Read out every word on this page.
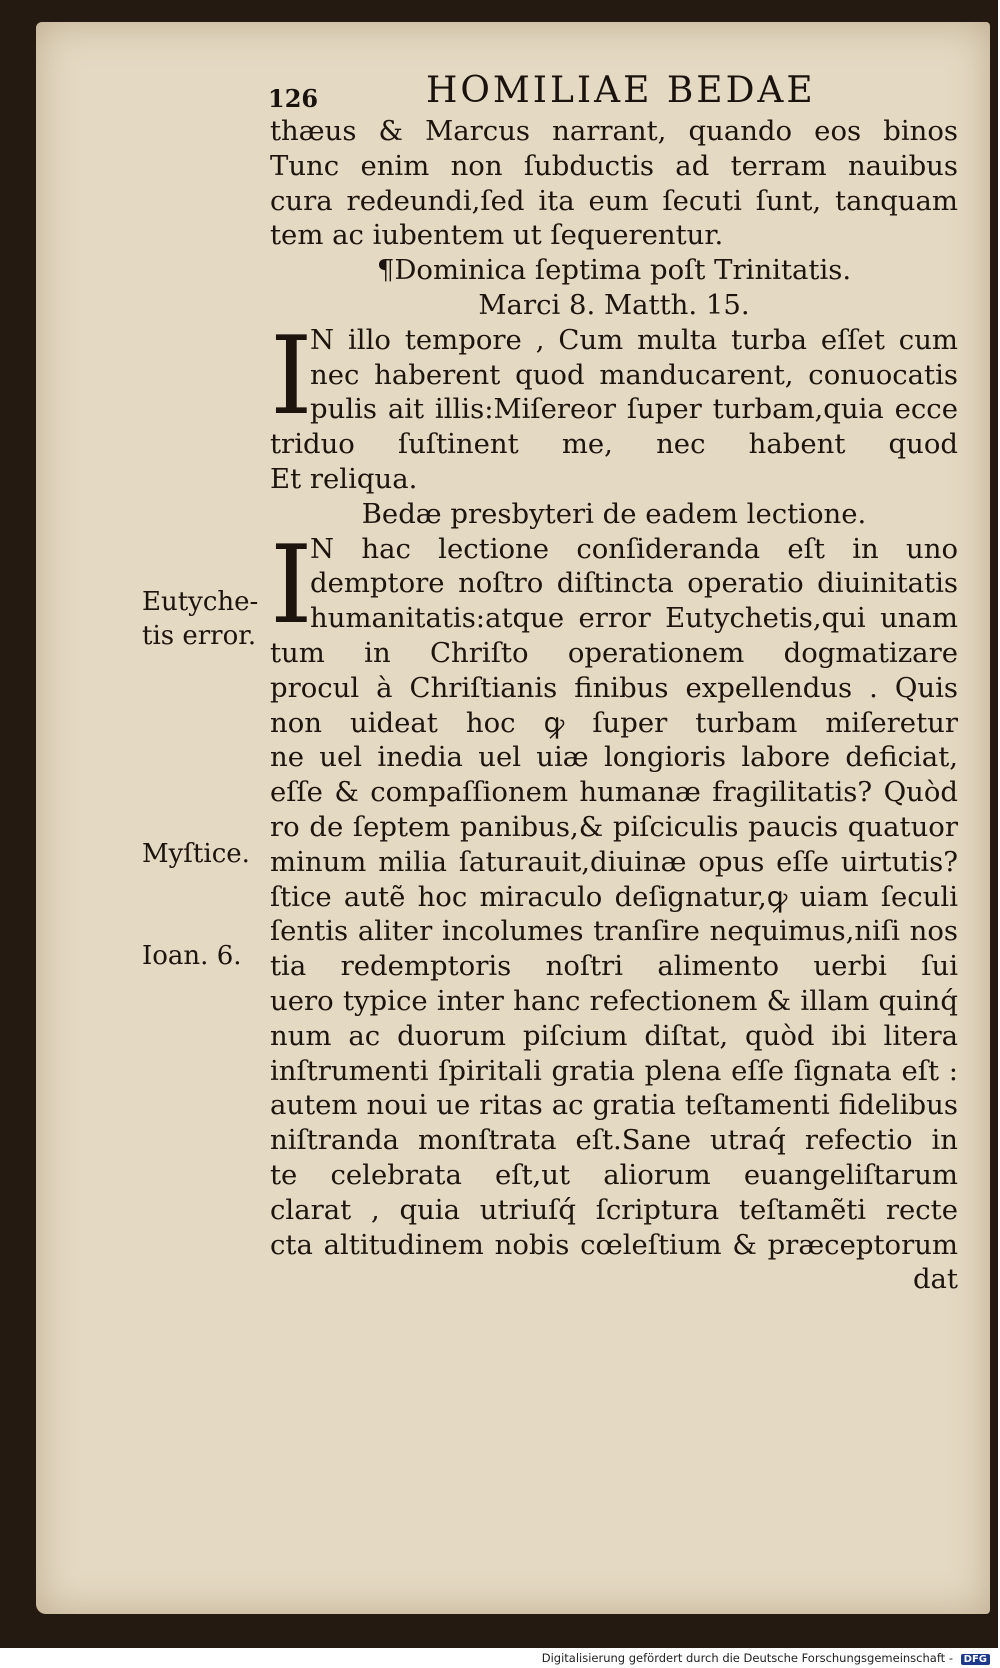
126	HOMILIAE BEDAE
thæus & Marcus narrant, quando eos binos
Tunc enim non ſubductis ad terram nauibus
cura redeundi,ſed ita eum ſecuti ſunt, tanquam
tem ac iubentem ut ſequerentur.
¶Dominica ſeptima poſt Trinitatis.
Marci 8. Matth. 15.
I
N illo tempore , Cum multa turba eſſet cum
nec haberent quod manducarent, conuocatis
pulis ait illis:Miſereor ſuper turbam,quia ecce
triduo ſuſtinent me, nec habent quod
Et reliqua.
Bedæ presbyteri de eadem lectione.
I
N hac lectione conſideranda eſt in uno
demptore noſtro diſtincta operatio diuinitatis
humanitatis:atque error Eutychetis,qui unam
tum in Chriſto operationem dogmatizare
procul à Chriſtianis finibus expellendus . Quis
non uideat hoc ꝙ ſuper turbam miſeretur
ne uel inedia uel uiæ longioris labore deficiat,
eſſe & compaſſionem humanæ fragilitatis? Quòd
ro de ſeptem panibus,& piſciculis paucis quatuor
minum milia ſaturauit,diuinæ opus eſſe uirtutis?
ſtice autẽ hoc miraculo deſignatur,ꝙ uiam ſeculi
ſentis aliter incolumes tranſire nequimus,niſi nos
tia redemptoris noſtri alimento uerbi ſui
uero typice inter hanc refectionem & illam quinq́
num ac duorum piſcium diſtat, quòd ibi litera
inſtrumenti ſpiritali gratia plena eſſe ſignata eſt :
autem noui ue ritas ac gratia teſtamenti fidelibus
niſtranda monſtrata eſt.Sane utraq́ refectio in
te celebrata eſt,ut aliorum euangeliſtarum
clarat , quia utriuſq́ ſcriptura teſtamẽti recte
cta altitudinem nobis cœleſtium & præceptorum
dat
Eutyche-
tis error.
Myſtice.
Ioan. 6.
Digitalisierung gefördert durch die Deutsche Forschungsgemeinschaft - DFG
